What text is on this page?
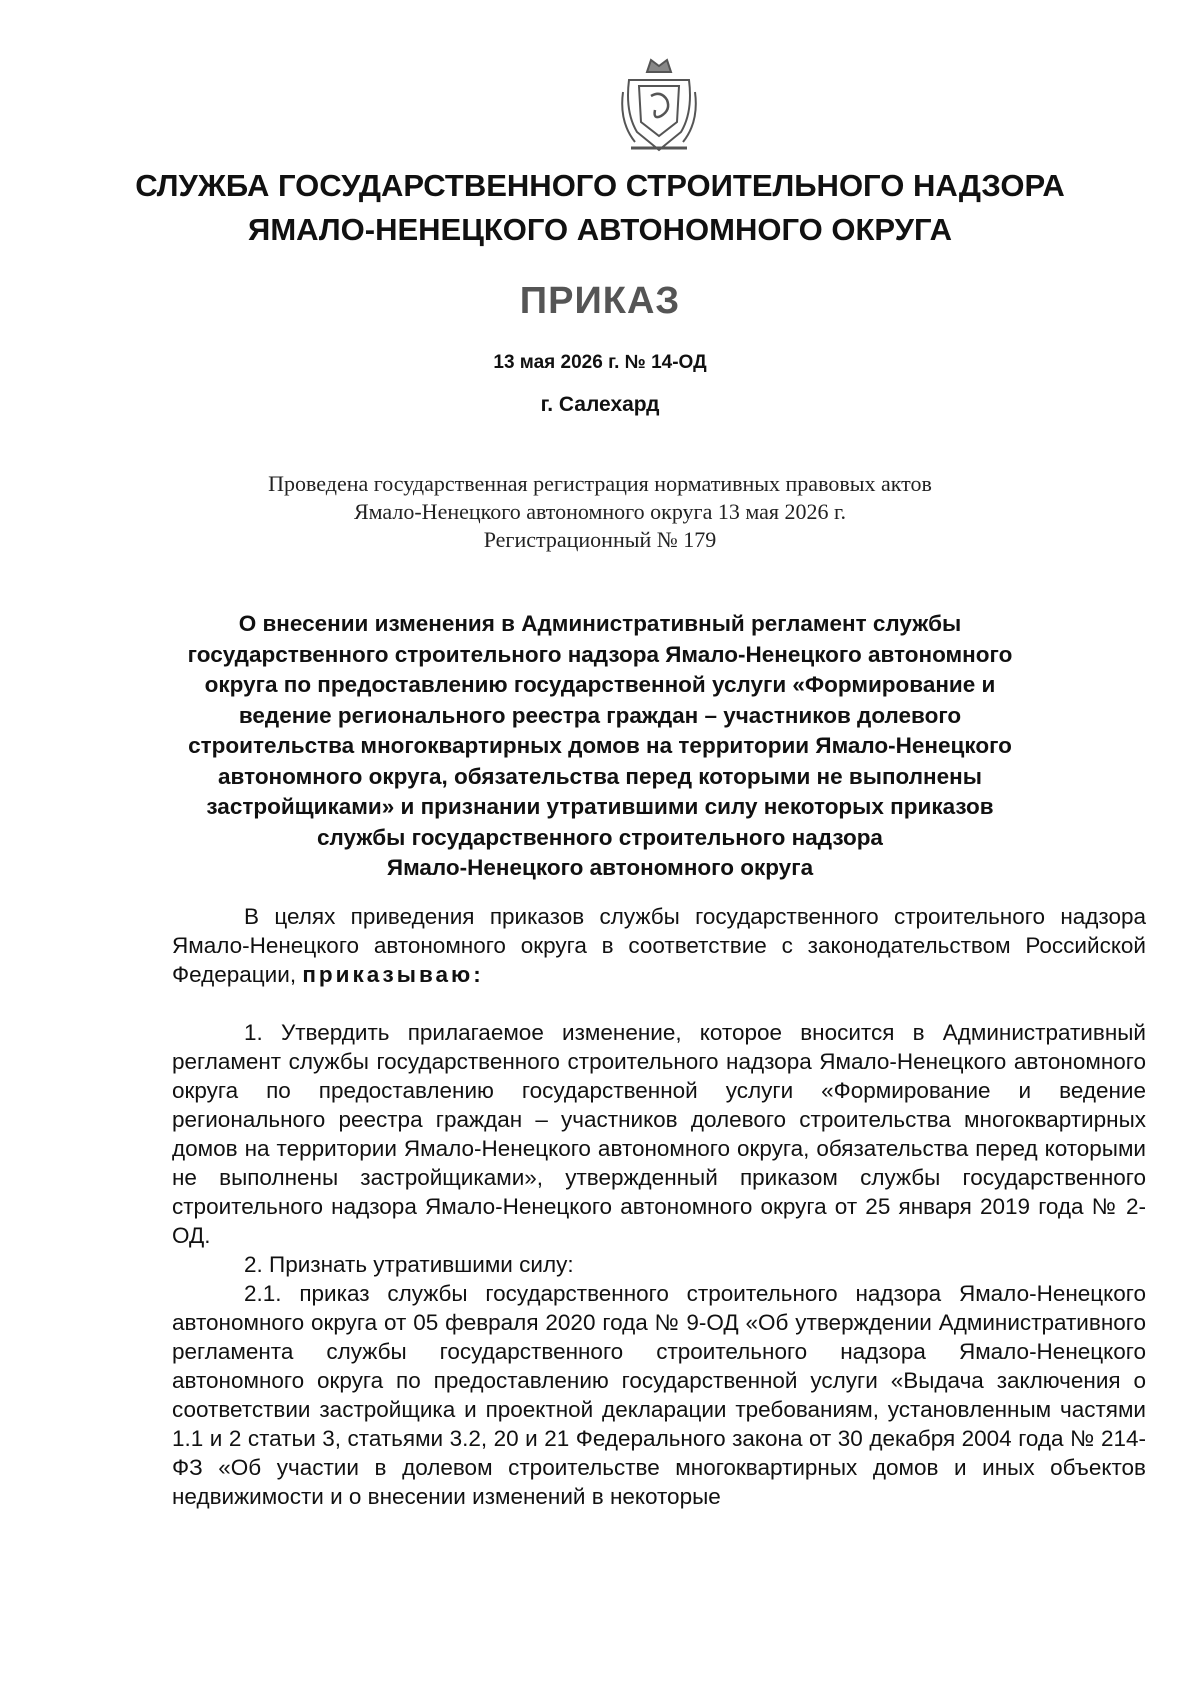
СЛУЖБА ГОСУДАРСТВЕННОГО СТРОИТЕЛЬНОГО НАДЗОРА
ЯМАЛО-НЕНЕЦКОГО АВТОНОМНОГО ОКРУГА
ПРИКАЗ
13 мая 2026 г. № 14-ОД
г. Салехард
Проведена государственная регистрация нормативных правовых актов
Ямало-Ненецкого автономного округа 13 мая 2026 г.
Регистрационный № 179
О внесении изменения в Административный регламент службы
государственного строительного надзора Ямало-Ненецкого автономного
округа по предоставлению государственной услуги «Формирование и
ведение регионального реестра граждан – участников долевого
строительства многоквартирных домов на территории Ямало-Ненецкого
автономного округа, обязательства перед которыми не выполнены
застройщиками» и признании утратившими силу некоторых приказов
службы государственного строительного надзора
Ямало-Ненецкого автономного округа

В целях приведения приказов службы государственного строительного надзора Ямало-Ненецкого автономного округа в соответствие с законодательством Российской Федерации, приказываю:

1. Утвердить прилагаемое изменение, которое вносится в Административный регламент службы государственного строительного надзора Ямало-Ненецкого автономного округа по предоставлению государственной услуги «Формирование и ведение регионального реестра граждан – участников долевого строительства многоквартирных домов на территории Ямало-Ненецкого автономного округа, обязательства перед которыми не выполнены застройщиками», утвержденный приказом службы государственного строительного надзора Ямало-Ненецкого автономного округа от 25 января 2019 года № 2-ОД.

2. Признать утратившими силу:

2.1. приказ службы государственного строительного надзора Ямало-Ненецкого автономного округа от 05 февраля 2020 года № 9-ОД «Об утверждении Административного регламента службы государственного строительного надзора Ямало-Ненецкого автономного округа по предоставлению государственной услуги «Выдача заключения о соответствии застройщика и проектной декларации требованиям, установленным частями 1.1 и 2 статьи 3, статьями 3.2, 20 и 21 Федерального закона от 30 декабря 2004 года № 214-ФЗ «Об участии в долевом строительстве многоквартирных домов и иных объектов недвижимости и о внесении изменений в некоторые
